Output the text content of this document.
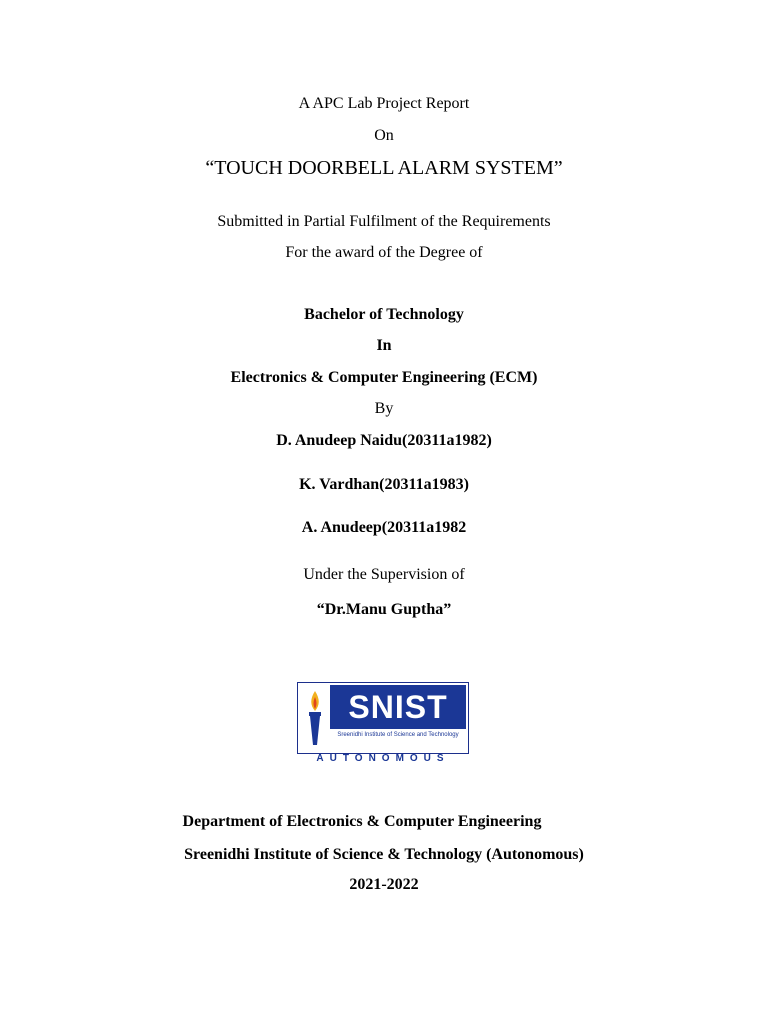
A APC Lab Project Report
On
“TOUCH DOORBELL ALARM SYSTEM”
Submitted in Partial Fulfilment of the Requirements
For the award of the Degree of
Bachelor of Technology
In
Electronics & Computer Engineering (ECM)
By
D. Anudeep Naidu(20311a1982)
K. Vardhan(20311a1983)
A. Anudeep(20311a1982
Under the Supervision of
“Dr.Manu Guptha”
SNIST
Sreenidhi Institute of Science and Technology
AUTONOMOUS
Department of Electronics & Computer Engineering
Sreenidhi Institute of Science & Technology (Autonomous)
2021-2022
